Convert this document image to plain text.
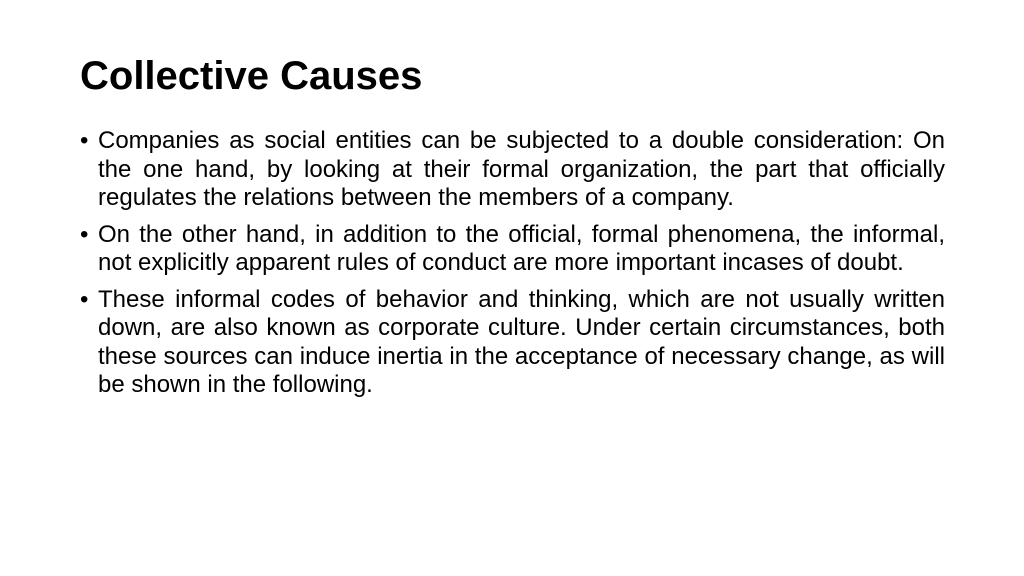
Collective Causes
• Companies as social entities can be subjected to a double consideration: On the one hand, by looking at their formal organization, the part that officially regulates the relations between the members of a company.
• On the other hand, in addition to the official, formal phenomena, the informal, not explicitly apparent rules of conduct are more important incases of doubt.
• These informal codes of behavior and thinking, which are not usually written down, are also known as corporate culture. Under certain circumstances, both these sources can induce inertia in the acceptance of necessary change, as will be shown in the following.
